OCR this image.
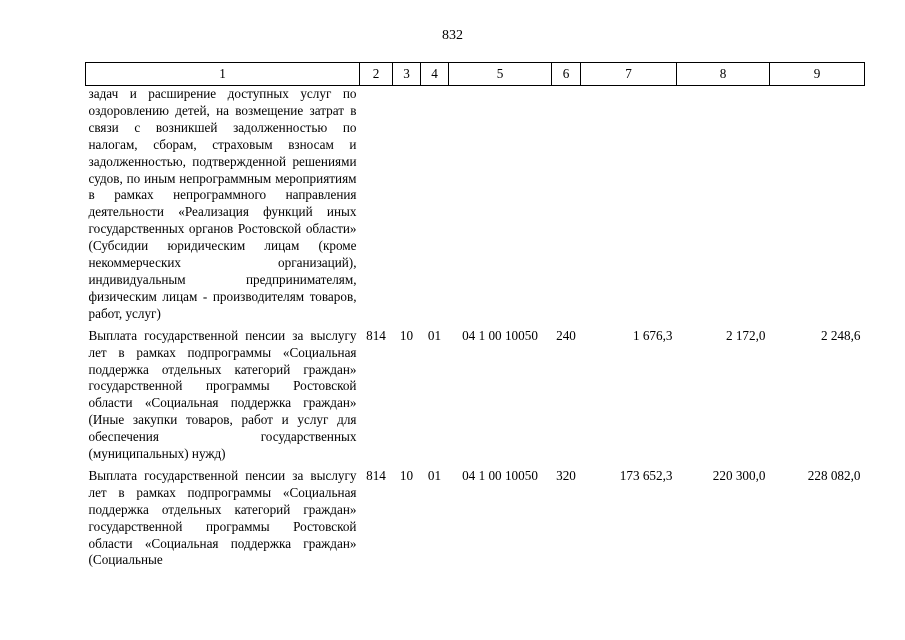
832
1	2	3	4	5	6	7	8	9
задач и расширение доступных услуг по оздоровлению детей, на возмещение затрат в связи с возникшей задолженностью по налогам, сборам, страховым взносам и задолженностью, подтвержденной решениями судов, по иным непрограммным мероприятиям в рамках непрограммного направления деятельности «Реализация функций иных государственных органов Ростовской области» (Субсидии юридическим лицам (кроме некоммерческих организаций), индивидуальным предпринимателям, физическим лицам - производителям товаров, работ, услуг)								
Выплата государственной пенсии за выслугу лет в рамках подпрограммы «Социальная поддержка отдельных категорий граждан» государственной программы Ростовской области «Социальная поддержка граждан» (Иные закупки товаров, работ и услуг для обеспечения государственных (муниципальных) нужд)	814	10	01	04 1 00 10050	240	1 676,3	2 172,0	2 248,6
Выплата государственной пенсии за выслугу лет в рамках подпрограммы «Социальная поддержка отдельных категорий граждан» государственной программы Ростовской области «Социальная поддержка граждан» (Социальные	814	10	01	04 1 00 10050	320	173 652,3	220 300,0	228 082,0
